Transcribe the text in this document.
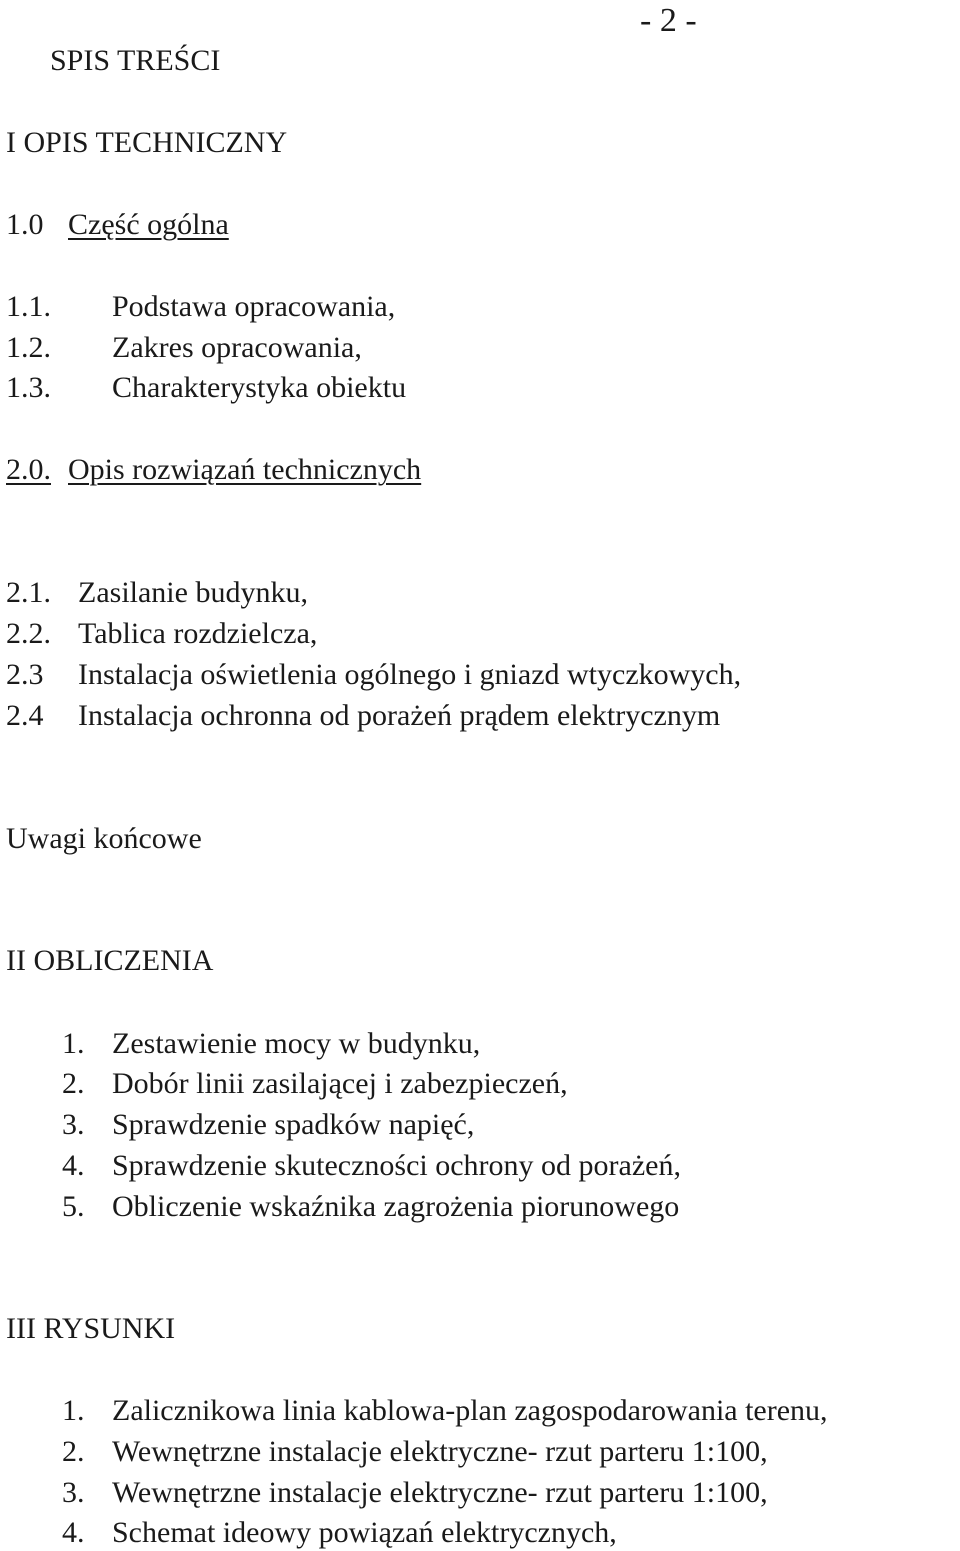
- 2 -
SPIS TREŚCI
I OPIS TECHNICZNY
1.0 Część ogólna
1.1. Podstawa opracowania,
1.2. Zakres opracowania,
1.3. Charakterystyka obiektu
2.0. Opis rozwiązań technicznych
2.1. Zasilanie budynku,
2.2. Tablica rozdzielcza,
2.3 Instalacja oświetlenia ogólnego i gniazd wtyczkowych,
2.4 Instalacja ochronna od porażeń prądem elektrycznym
Uwagi końcowe
II OBLICZENIA
1. Zestawienie mocy w budynku,
2. Dobór linii zasilającej i zabezpieczeń,
3. Sprawdzenie spadków napięć,
4. Sprawdzenie skuteczności ochrony od porażeń,
5. Obliczenie wskaźnika zagrożenia piorunowego
III RYSUNKI
1. Zalicznikowa linia kablowa-plan zagospodarowania terenu,
2. Wewnętrzne instalacje elektryczne- rzut parteru 1:100,
3. Wewnętrzne instalacje elektryczne- rzut parteru 1:100,
4. Schemat ideowy powiązań elektrycznych,
